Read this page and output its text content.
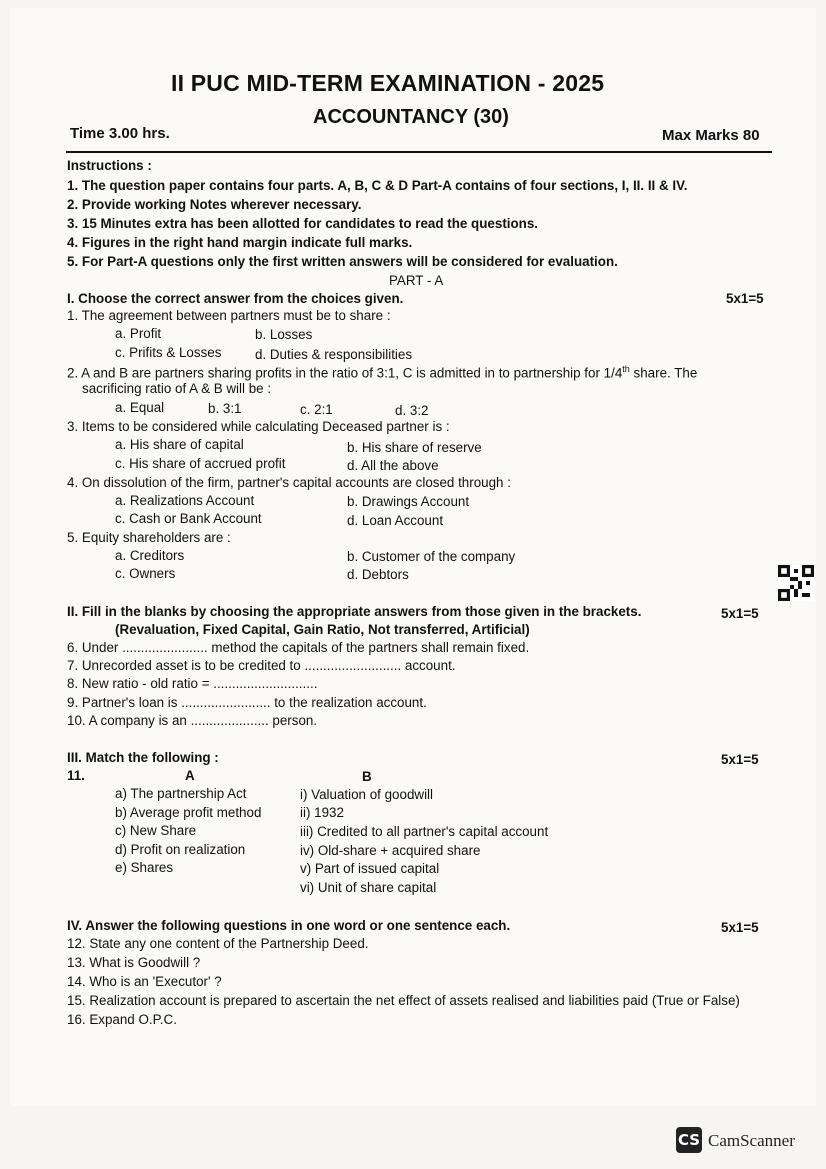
II PUC MID-TERM EXAMINATION - 2025
ACCOUNTANCY (30)
Time 3.00 hrs.	Max Marks 80
Instructions :
1. The question paper contains four parts. A, B, C & D Part-A contains of four sections, I, II. II & IV.
2. Provide working Notes wherever necessary.
3. 15 Minutes extra has been allotted for candidates to read the questions.
4. Figures in the right hand margin indicate full marks.
5. For Part-A questions only the first written answers will be considered for evaluation.
PART - A
I. Choose the correct answer from the choices given.	5x1=5
1. The agreement between partners must be to share :
a. Profit	b. Losses
c. Prifits & Losses	d. Duties & responsibilities
2. A and B are partners sharing profits in the ratio of 3:1, C is admitted in to partnership for 1/4th share. The
sacrificing ratio of A & B will be :
a. Equal	b. 3:1	c. 2:1	d. 3:2
3. Items to be considered while calculating Deceased partner is :
a. His share of capital	b. His share of reserve
c. His share of accrued profit	d. All the above
4. On dissolution of the firm, partner's capital accounts are closed through :
a. Realizations Account	b. Drawings Account
c. Cash or Bank Account	d. Loan Account
5. Equity shareholders are :
a. Creditors	b. Customer of the company
c. Owners	d. Debtors
II. Fill in the blanks by choosing the appropriate answers from those given in the brackets.	5x1=5
(Revaluation, Fixed Capital, Gain Ratio, Not transferred, Artificial)
6. Under ....................... method the capitals of the partners shall remain fixed.
7. Unrecorded asset is to be credited to .......................... account.
8. New ratio - old ratio = ............................
9. Partner's loan is ........................ to the realization account.
10. A company is an ..................... person.
III. Match the following :	5x1=5
11.	A	B
a) The partnership Act
b) Average profit method
c) New Share
d) Profit on realization
e) Shares
i) Valuation of goodwill
ii) 1932
iii) Credited to all partner's capital account
iv) Old-share + acquired share
v) Part of issued capital
vi) Unit of share capital
IV. Answer the following questions in one word or one sentence each.	5x1=5
12. State any one content of the Partnership Deed.
13. What is Goodwill ?
14. Who is an 'Executor' ?
15. Realization account is prepared to ascertain the net effect of assets realised and liabilities paid (True or False)
16. Expand O.P.C.
CS CamScanner
